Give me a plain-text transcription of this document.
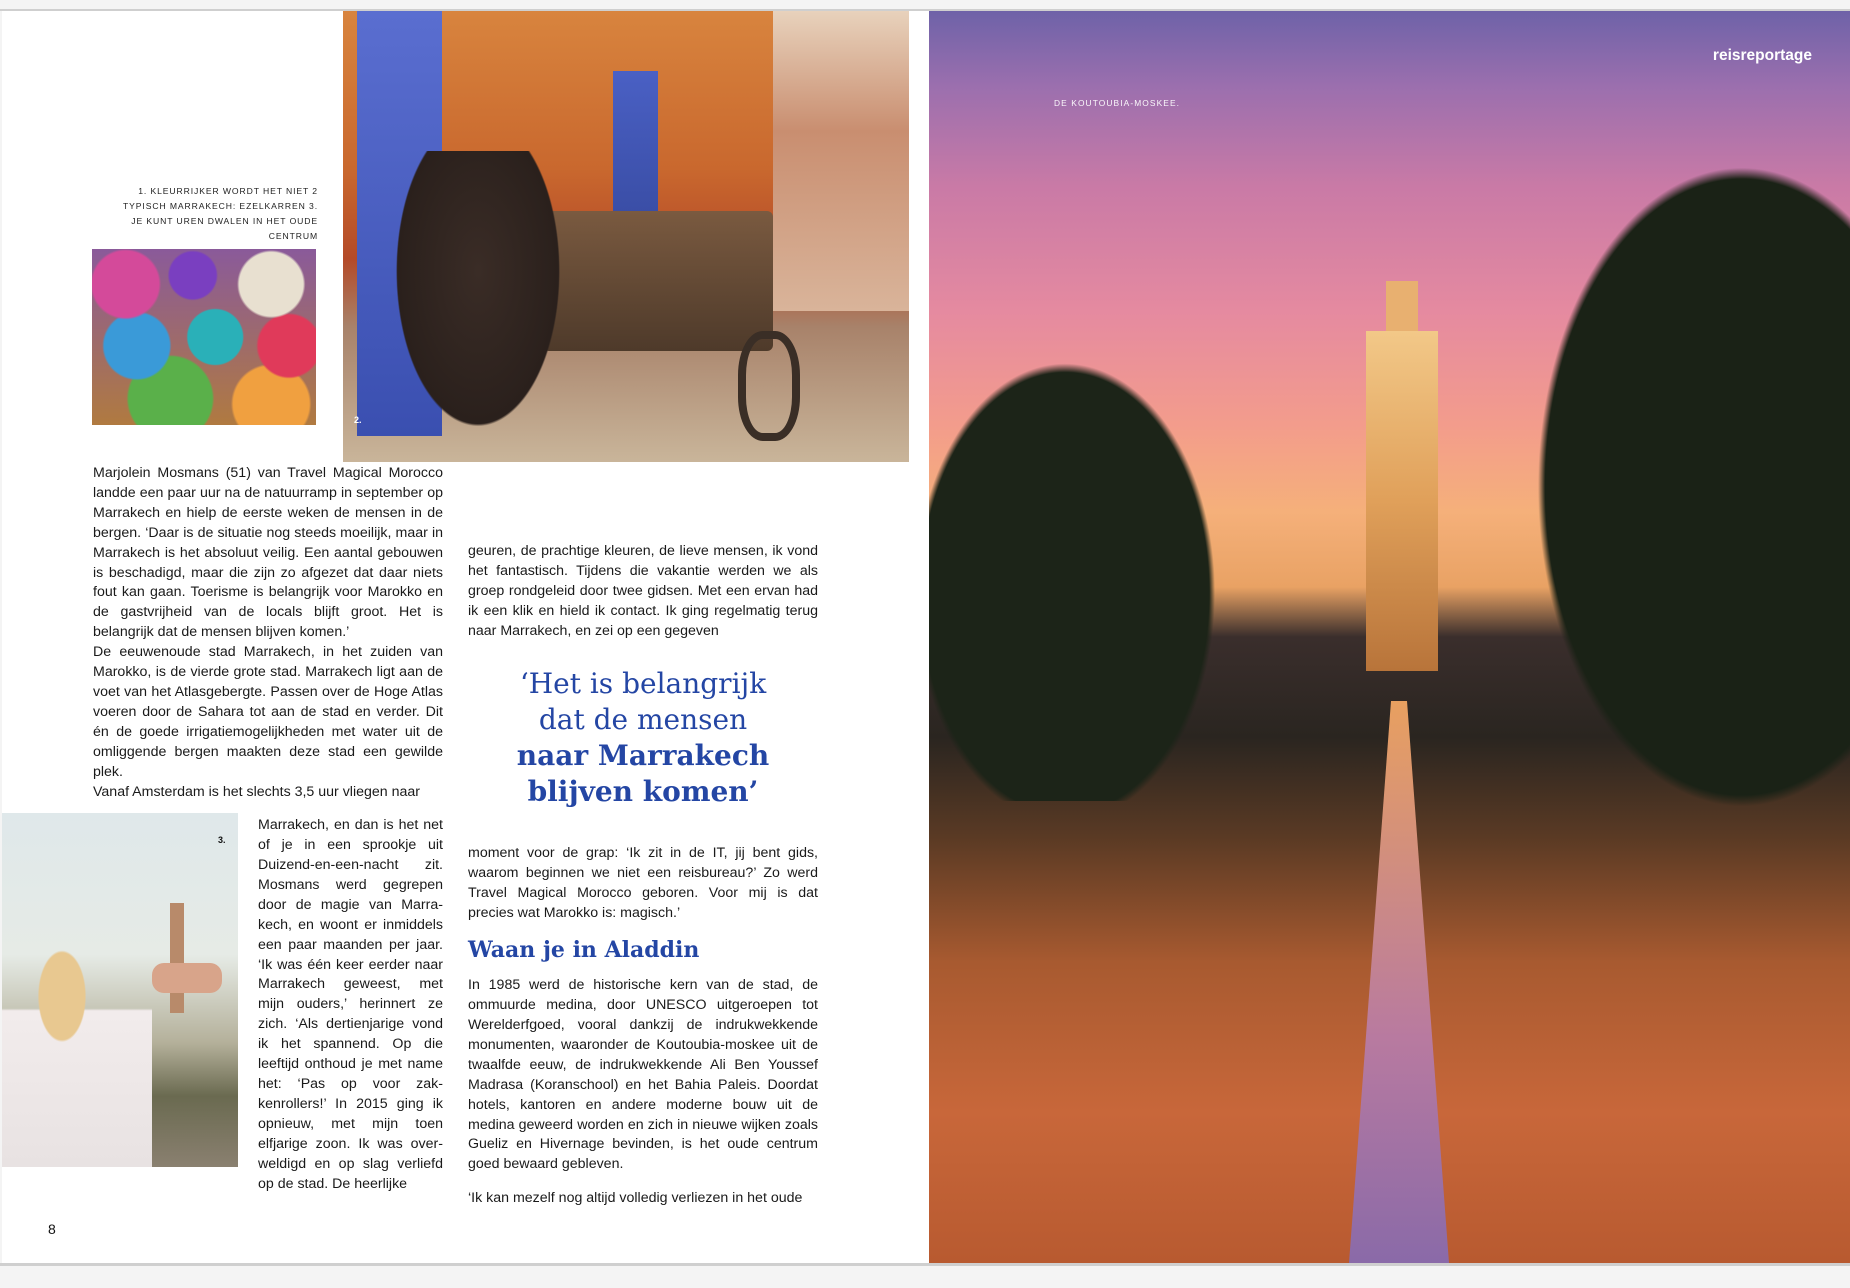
1. KLEURRIJKER WORDT HET NIET 2 TYPISCH MARRAKECH: EZELKARREN 3. JE KUNT UREN DWALEN IN HET OUDE CENTRUM
2.
3.

Marjolein Mosmans (51) van Travel Magical Morocco landde een paar uur na de natuurramp in september op Marrakech en hielp de eerste weken de mensen in de bergen. ‘Daar is de situatie nog steeds moeilijk, maar in Marrakech is het absoluut veilig. Een aantal gebouwen is beschadigd, maar die zijn zo afgezet dat daar niets fout kan gaan. Toerisme is belangrijk voor Marokko en de gastvrijheid van de locals blijft groot. Het is belangrijk dat de mensen blijven komen.’

De eeuwenoude stad Marrakech, in het zuiden van Marokko, is de vierde grote stad. Marrakech ligt aan de voet van het Atlasgebergte. Passen over de Hoge Atlas voeren door de Sahara tot aan de stad en verder. Dit én de goede irrigatiemogelijkheden met water uit de omliggende bergen maakten deze stad een gewilde plek.

Vanaf Amsterdam is het slechts 3,5 uur vliegen naar

Marrakech, en dan is het net of je in een sprookje uit Duizend-en-een-nacht zit. Mosmans werd gegrepen door de magie van Marrakech, en woont er inmiddels een paar maanden per jaar. ‘Ik was één keer eerder naar Marrakech geweest, met mijn ouders,’ herinnert ze zich. ‘Als dertienjarige vond ik het spannend. Op die leeftijd onthoud je met name het: ‘Pas op voor zakkenrollers!’ In 2015 ging ik opnieuw, met mijn toen elfjarige zoon. Ik was overweldigd en op slag verliefd op de stad. De heerlijke

geuren, de prachtige kleuren, de lieve mensen, ik vond het fantastisch. Tijdens die vakantie werden we als groep rondgeleid door twee gidsen. Met een ervan had ik een klik en hield ik contact. Ik ging regelmatig terug naar Marrakech, en zei op een gegeven

‘Het is belangrijk
dat de mensen
naar Marrakech
blijven komen’

moment voor de grap: ‘Ik zit in de IT, jij bent gids, waarom beginnen we niet een reisbureau?’ Zo werd Travel Magical Morocco geboren. Voor mij is dat precies wat Marokko is: magisch.’

Waan je in Aladdin

In 1985 werd de historische kern van de stad, de ommuurde medina, door UNESCO uitgeroepen tot Werelderfgoed, vooral dankzij de indrukwekkende monumenten, waaronder de Koutoubia-moskee uit de twaalfde eeuw, de indrukwekkende Ali Ben Youssef Madrasa (Koranschool) en het Bahia Paleis. Doordat hotels, kantoren en andere moderne bouw uit de medina geweerd worden en zich in nieuwe wijken zoals Gueliz en Hivernage bevinden, is het oude centrum goed bewaard gebleven.

‘Ik kan mezelf nog altijd volledig verliezen in het oude

8
reisreportage
DE KOUTOUBIA-MOSKEE.
